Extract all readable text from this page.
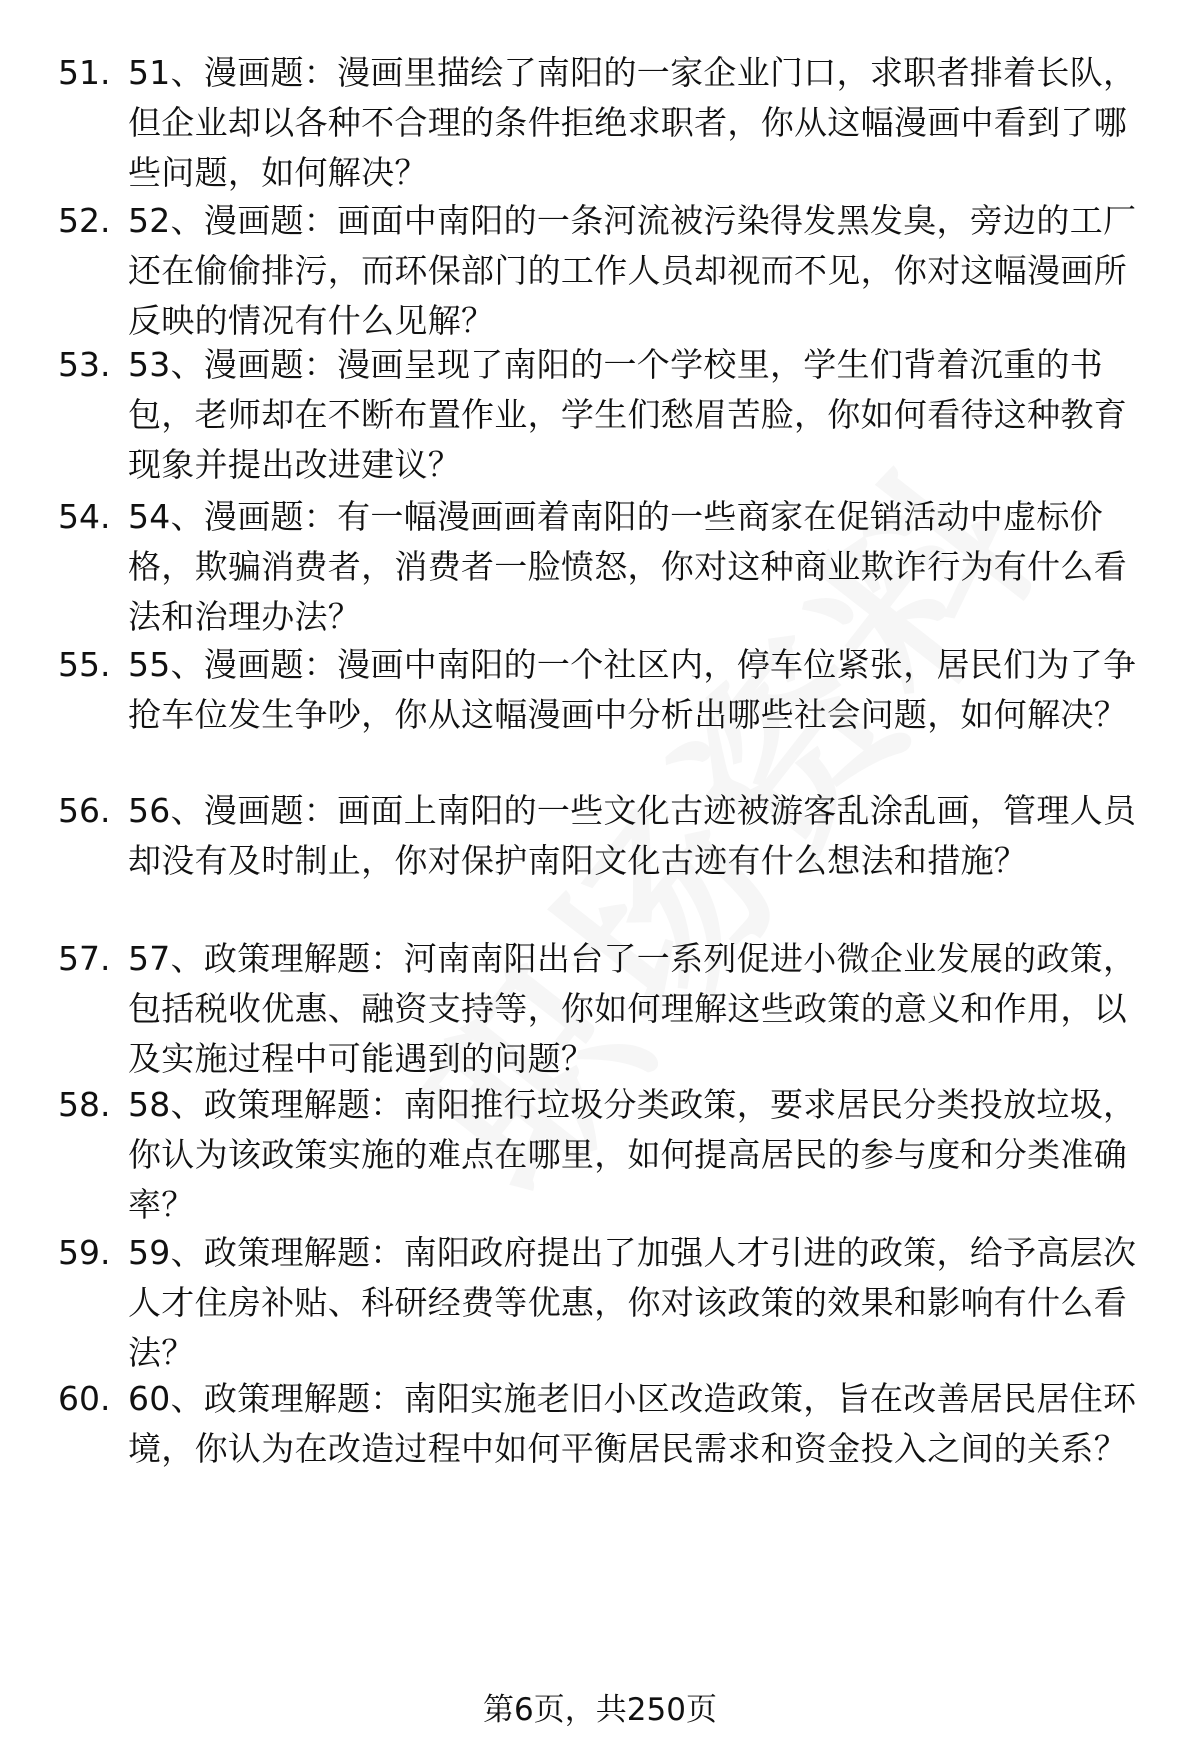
51. 51、漫画题：漫画里描绘了南阳的一家企业门口，求职者排着长队，但企业却以各种不合理的条件拒绝求职者，你从这幅漫画中看到了哪些问题，如何解决？
52. 52、漫画题：画面中南阳的一条河流被污染得发黑发臭，旁边的工厂还在偷偷排污，而环保部门的工作人员却视而不见，你对这幅漫画所反映的情况有什么见解？
53. 53、漫画题：漫画呈现了南阳的一个学校里，学生们背着沉重的书包，老师却在不断布置作业，学生们愁眉苦脸，你如何看待这种教育现象并提出改进建议？
54. 54、漫画题：有一幅漫画画着南阳的一些商家在促销活动中虚标价格，欺骗消费者，消费者一脸愤怒，你对这种商业欺诈行为有什么看法和治理办法？
55. 55、漫画题：漫画中南阳的一个社区内，停车位紧张，居民们为了争抢车位发生争吵，你从这幅漫画中分析出哪些社会问题，如何解决？
56. 56、漫画题：画面上南阳的一些文化古迹被游客乱涂乱画，管理人员却没有及时制止，你对保护南阳文化古迹有什么想法和措施？
57. 57、政策理解题：河南南阳出台了一系列促进小微企业发展的政策，包括税收优惠、融资支持等，你如何理解这些政策的意义和作用，以及实施过程中可能遇到的问题？
58. 58、政策理解题：南阳推行垃圾分类政策，要求居民分类投放垃圾，你认为该政策实施的难点在哪里，如何提高居民的参与度和分类准确率？
59. 59、政策理解题：南阳政府提出了加强人才引进的政策，给予高层次人才住房补贴、科研经费等优惠，你对该政策的效果和影响有什么看法？
60. 60、政策理解题：南阳实施老旧小区改造政策，旨在改善居民居住环境，你认为在改造过程中如何平衡居民需求和资金投入之间的关系？
第6页，共250页
